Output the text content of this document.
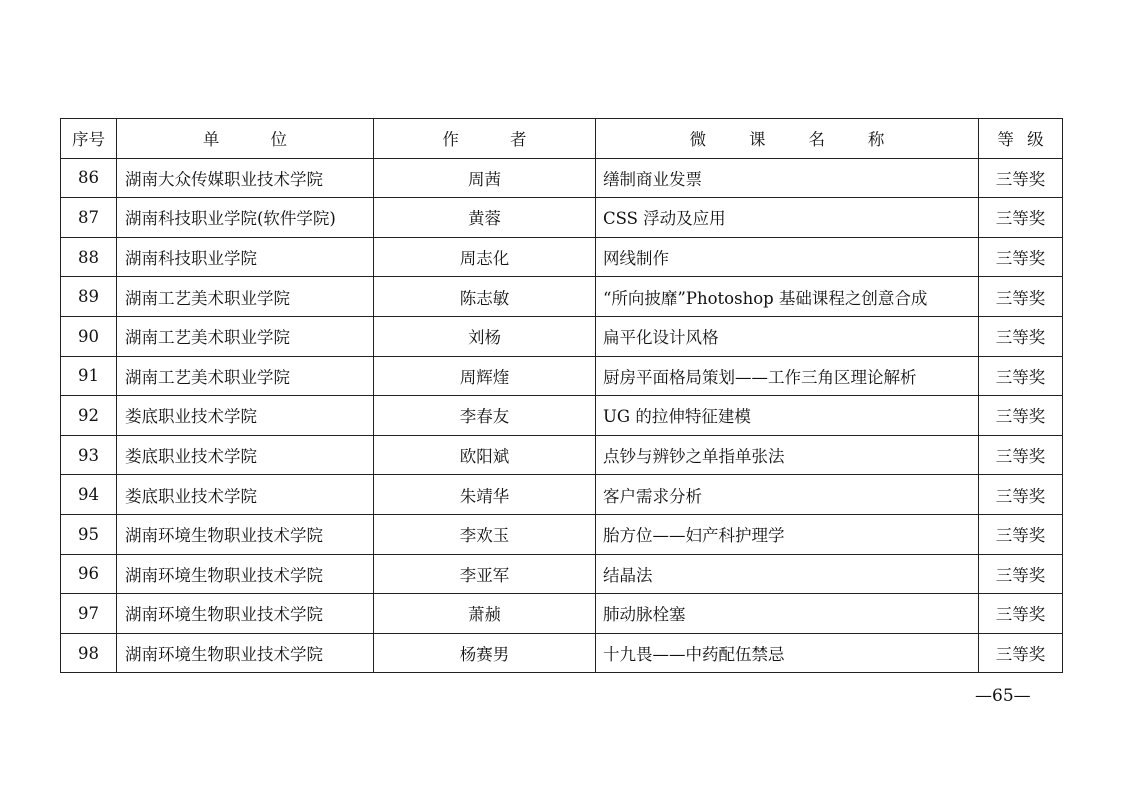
序号	单位	作者	微课名称	等级
86	湖南大众传媒职业技术学院	周茜	缮制商业发票	三等奖
87	湖南科技职业学院(软件学院)	黄蓉	CSS 浮动及应用	三等奖
88	湖南科技职业学院	周志化	网线制作	三等奖
89	湖南工艺美术职业学院	陈志敏	“所向披靡”Photoshop 基础课程之创意合成	三等奖
90	湖南工艺美术职业学院	刘杨	扁平化设计风格	三等奖
91	湖南工艺美术职业学院	周辉煃	厨房平面格局策划——工作三角区理论解析	三等奖
92	娄底职业技术学院	李春友	UG 的拉伸特征建模	三等奖
93	娄底职业技术学院	欧阳斌	点钞与辨钞之单指单张法	三等奖
94	娄底职业技术学院	朱靖华	客户需求分析	三等奖
95	湖南环境生物职业技术学院	李欢玉	胎方位——妇产科护理学	三等奖
96	湖南环境生物职业技术学院	李亚军	结晶法	三等奖
97	湖南环境生物职业技术学院	萧赪	肺动脉栓塞	三等奖
98	湖南环境生物职业技术学院	杨赛男	十九畏——中药配伍禁忌	三等奖
—65—
